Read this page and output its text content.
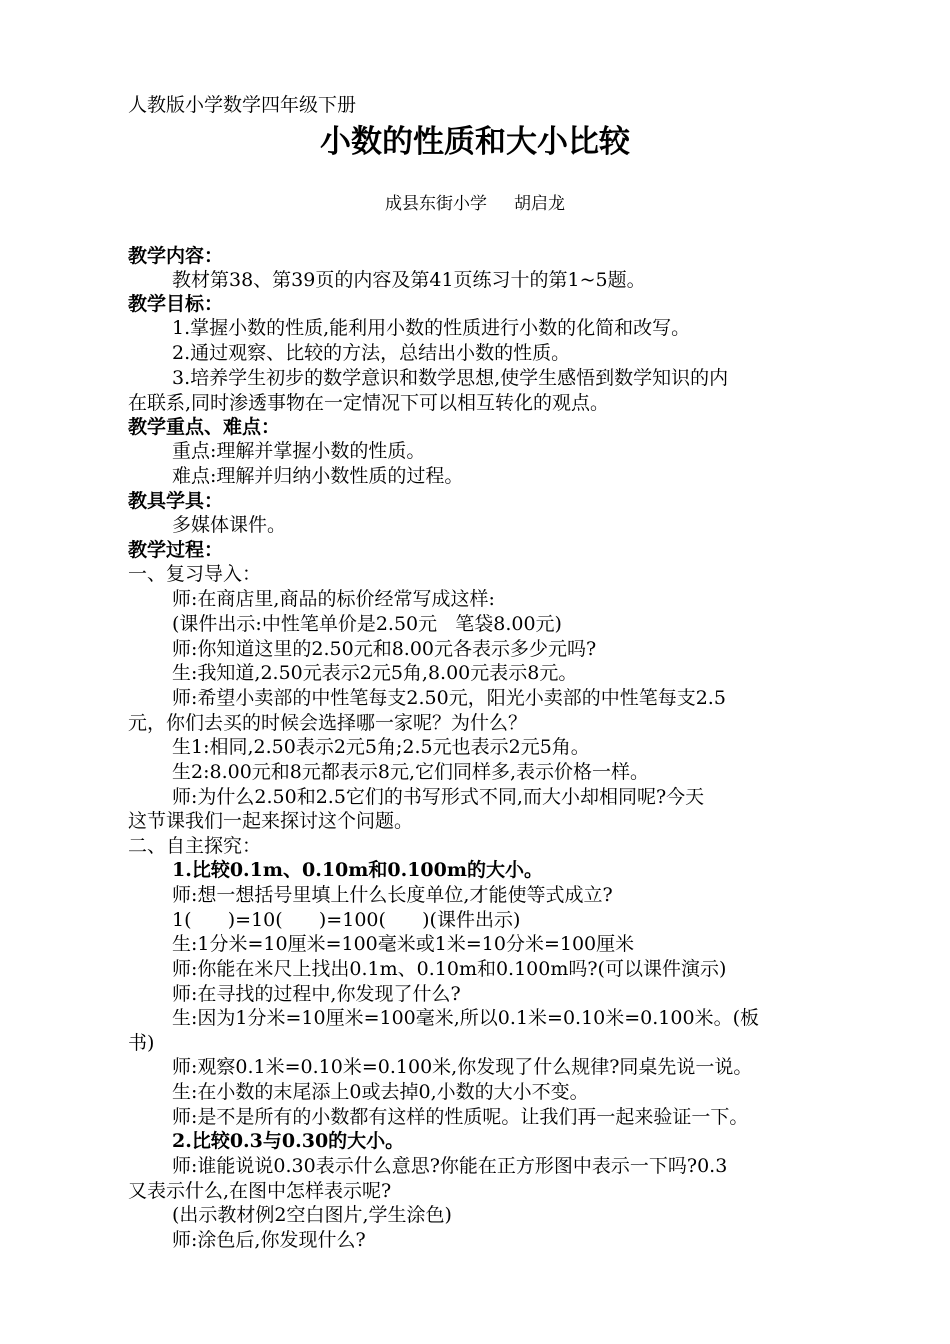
人教版小学数学四年级下册
小数的性质和大小比较
成县东街小学     胡启龙
教学内容：
教材第38、第39页的内容及第41页练习十的第1~5题。
教学目标：
1.掌握小数的性质,能利用小数的性质进行小数的化简和改写。
2.通过观察、比较的方法，总结出小数的性质。
3.培养学生初步的数学意识和数学思想,使学生感悟到数学知识的内
在联系,同时渗透事物在一定情况下可以相互转化的观点。
教学重点、难点：
重点:理解并掌握小数的性质。
难点:理解并归纳小数性质的过程。
教具学具：
多媒体课件。
教学过程：
一、复习导入：
师:在商店里,商品的标价经常写成这样:
(课件出示:中性笔单价是2.50元   笔袋8.00元)
师:你知道这里的2.50元和8.00元各表示多少元吗?
生:我知道,2.50元表示2元5角,8.00元表示8元。
师:希望小卖部的中性笔每支2.50元，阳光小卖部的中性笔每支2.5
元，你们去买的时候会选择哪一家呢？为什么？
生1:相同,2.50表示2元5角;2.5元也表示2元5角。
生2:8.00元和8元都表示8元,它们同样多,表示价格一样。
师:为什么2.50和2.5它们的书写形式不同,而大小却相同呢?今天
这节课我们一起来探讨这个问题。
二、自主探究：
1.比较0.1m、0.10m和0.100m的大小。
师:想一想括号里填上什么长度单位,才能使等式成立?
1(      )=10(      )=100(      )(课件出示)
生:1分米=10厘米=100毫米或1米=10分米=100厘米
师:你能在米尺上找出0.1m、0.10m和0.100m吗?(可以课件演示)
师:在寻找的过程中,你发现了什么?
生:因为1分米=10厘米=100毫米,所以0.1米=0.10米=0.100米。(板
书)
师:观察0.1米=0.10米=0.100米,你发现了什么规律?同桌先说一说。
生:在小数的末尾添上0或去掉0,小数的大小不变。
师:是不是所有的小数都有这样的性质呢。让我们再一起来验证一下。
2.比较0.3与0.30的大小。
师:谁能说说0.30表示什么意思?你能在正方形图中表示一下吗?0.3
又表示什么,在图中怎样表示呢?
(出示教材例2空白图片,学生涂色)
师:涂色后,你发现什么?
